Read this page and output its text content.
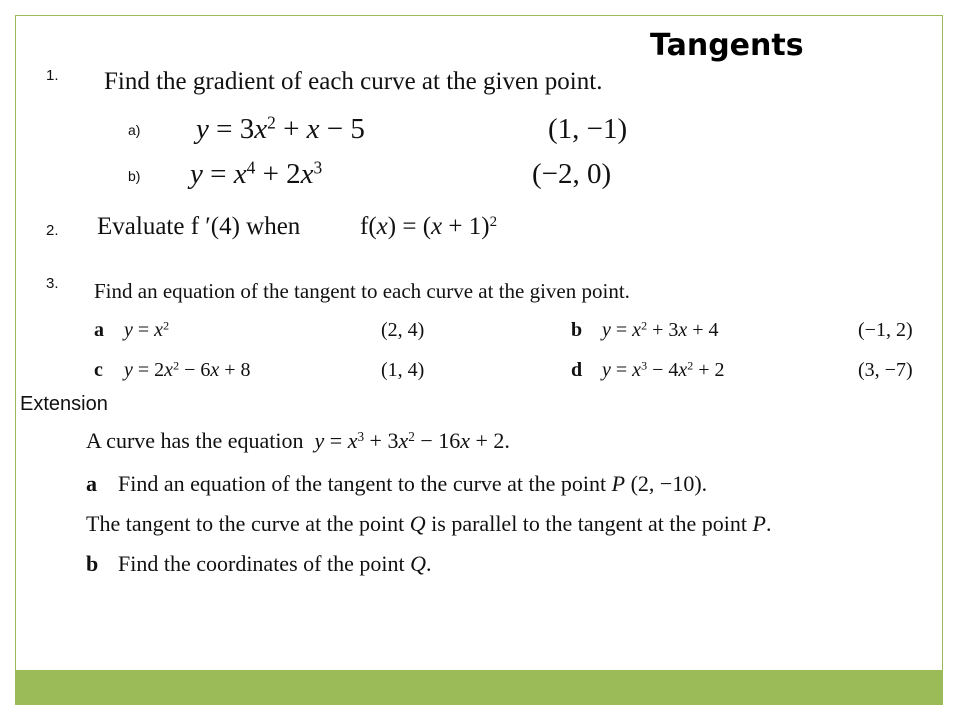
Tangents
1. Find the gradient of each curve at the given point.
a) $y = 3x^2 + x - 5$	(1, −1)
b) $y = x^4 + 2x^3$	(−2, 0)
2. Evaluate f ′(4) when $f(x) = (x + 1)^2$
3. Find an equation of the tangent to each curve at the given point.
a $y = x^2$	(2, 4)	b $y = x^2 + 3x + 4$	(−1, 2)
c $y = 2x^2 - 6x + 8$	(1, 4)	d $y = x^3 - 4x^2 + 2$	(3, −7)
Extension
A curve has the equation  $y = x^3 + 3x^2 - 16x + 2$.
a Find an equation of the tangent to the curve at the point P (2, −10).
The tangent to the curve at the point Q is parallel to the tangent at the point P.
b Find the coordinates of the point Q.
